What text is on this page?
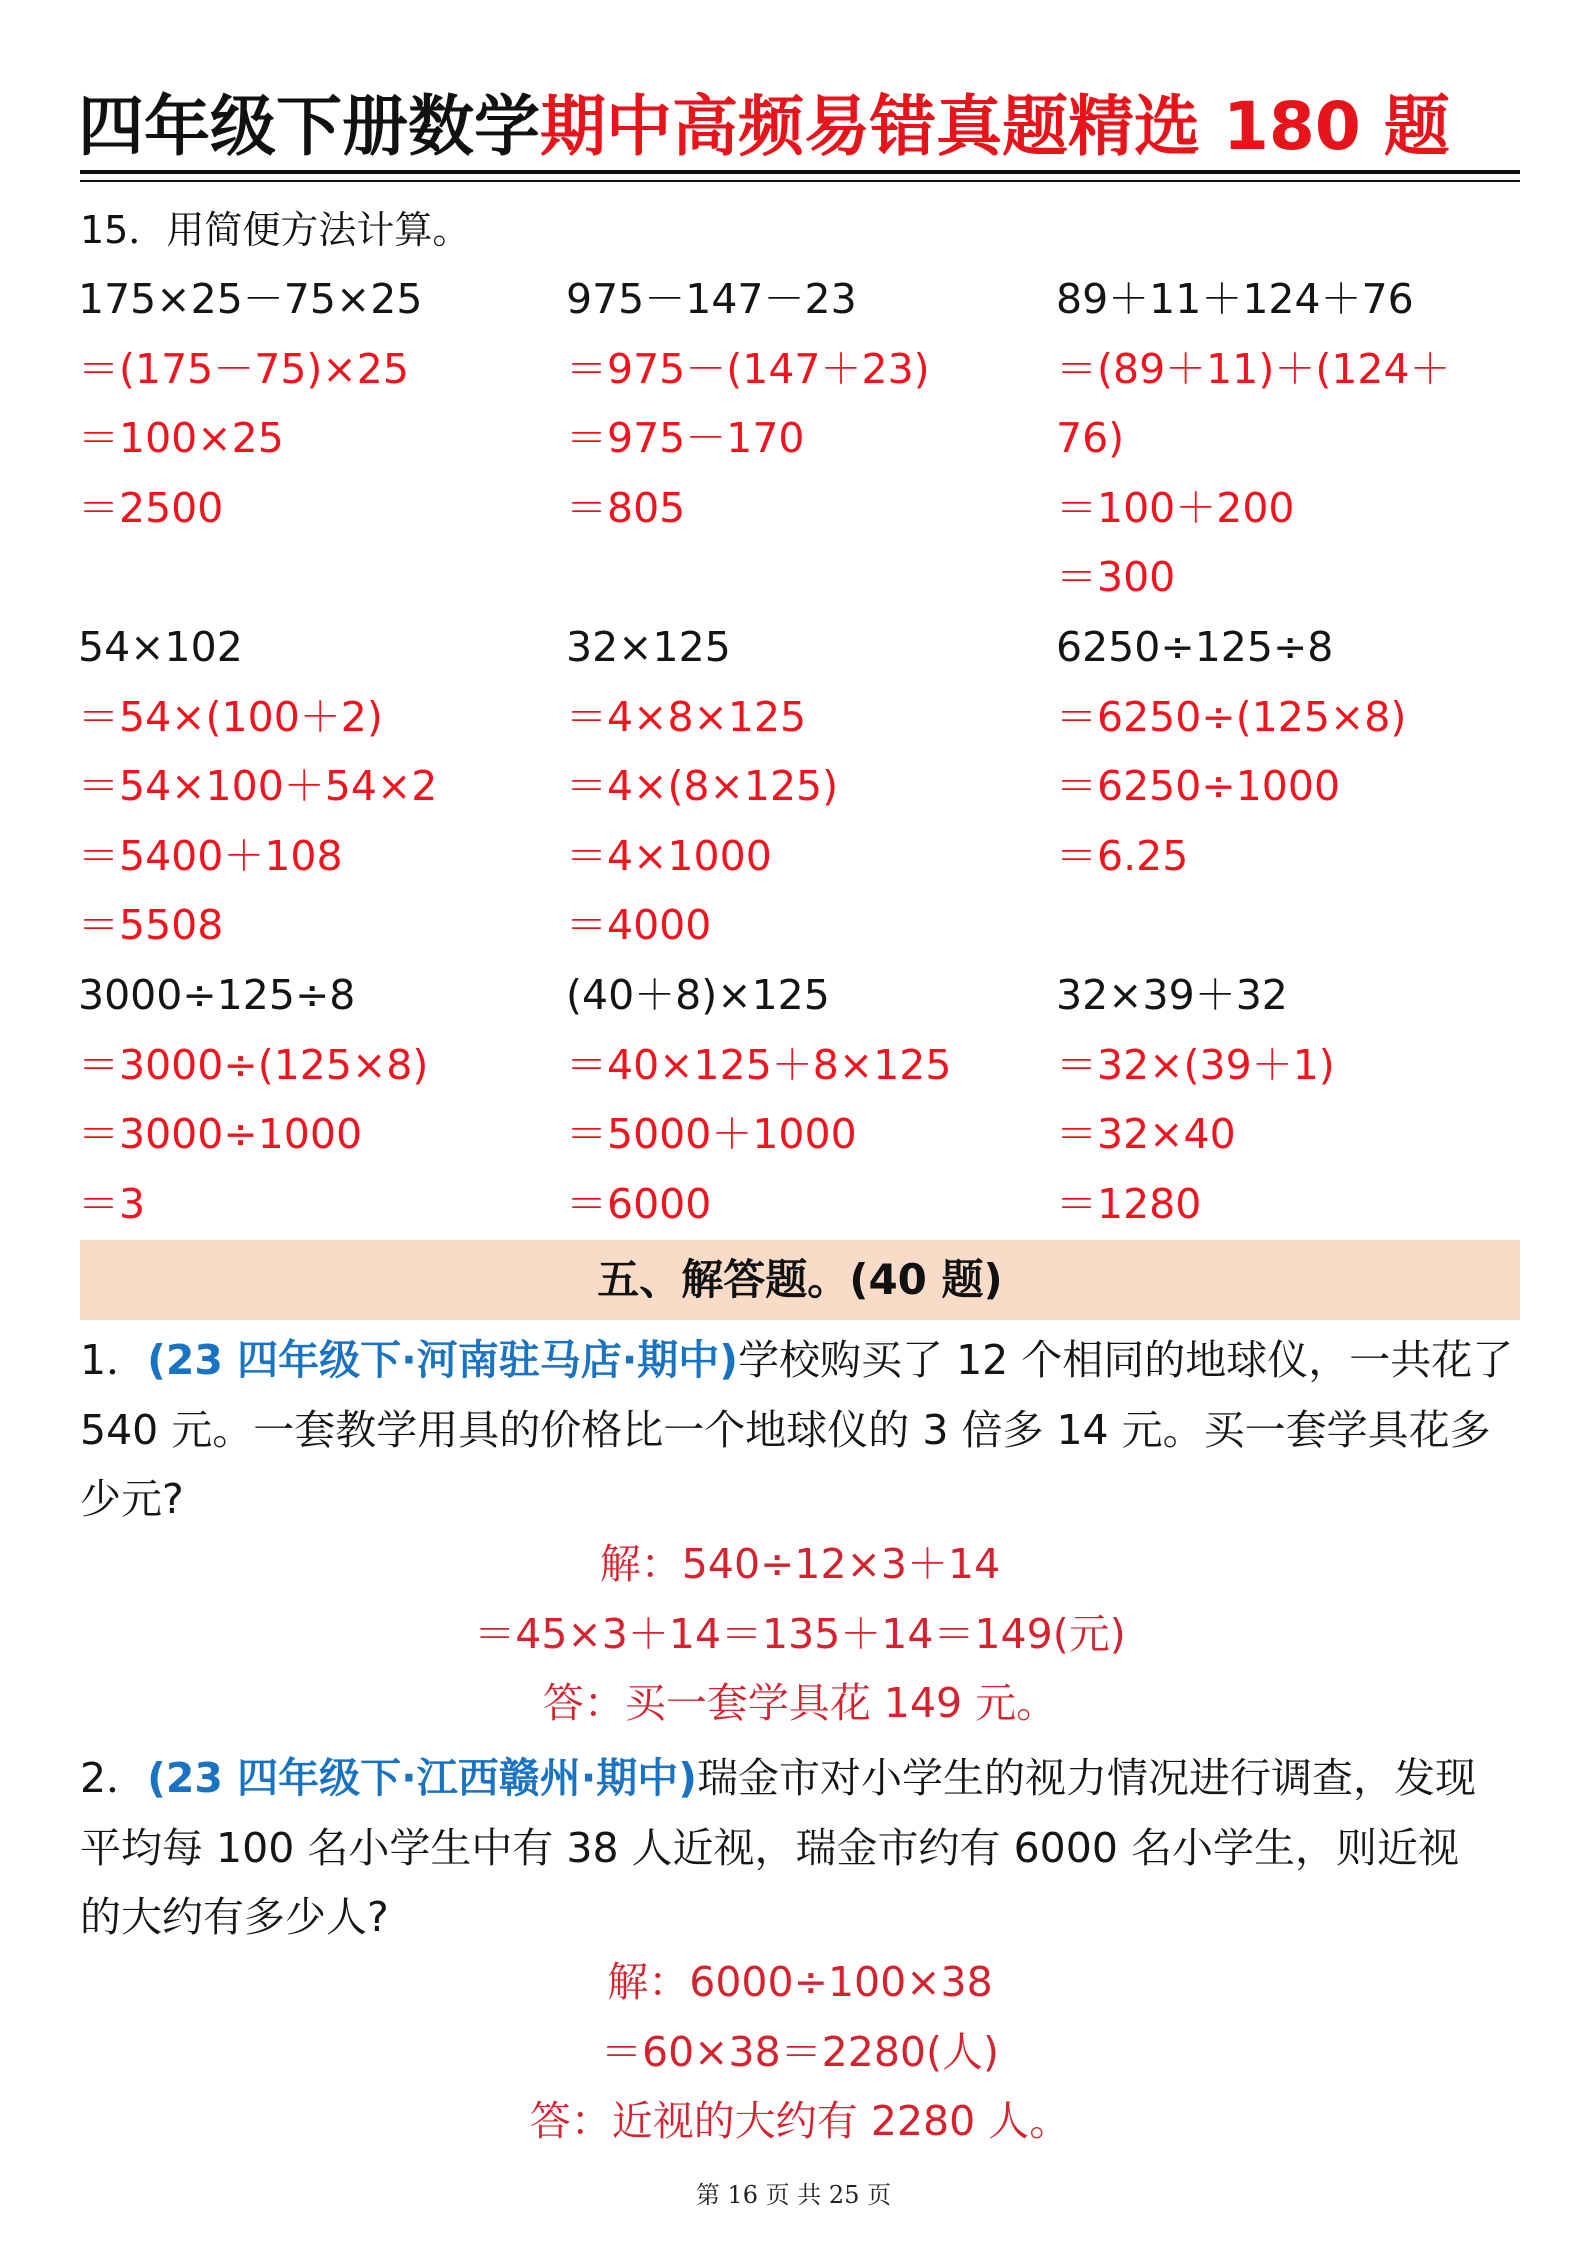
四年级下册数学期中高频易错真题精选 180 题
15．用简便方法计算。
175×25－75×25
＝(175－75)×25
＝100×25
＝2500
975－147－23
＝975－(147＋23)
＝975－170
＝805
89＋11＋124＋76
＝(89＋11)＋(124＋
76)
＝100＋200
＝300
54×102
＝54×(100＋2)
＝54×100＋54×2
＝5400＋108
＝5508
32×125
＝4×8×125
＝4×(8×125)
＝4×1000
＝4000
6250÷125÷8
＝6250÷(125×8)
＝6250÷1000
＝6.25
3000÷125÷8
＝3000÷(125×8)
＝3000÷1000
＝3
(40＋8)×125
＝40×125＋8×125
＝5000＋1000
＝6000
32×39＋32
＝32×(39＋1)
＝32×40
＝1280
五、解答题。(40 题)
1．(23 四年级下·河南驻马店·期中)学校购买了 12 个相同的地球仪，一共花了
540 元。一套教学用具的价格比一个地球仪的 3 倍多 14 元。买一套学具花多
少元?
解：540÷12×3＋14
＝45×3＋14＝135＋14＝149(元)
答：买一套学具花 149 元。
2．(23 四年级下·江西赣州·期中)瑞金市对小学生的视力情况进行调查，发现
平均每 100 名小学生中有 38 人近视，瑞金市约有 6000 名小学生，则近视
的大约有多少人?
解：6000÷100×38
＝60×38＝2280(人)
答：近视的大约有 2280 人。
第 16 页 共 25 页
